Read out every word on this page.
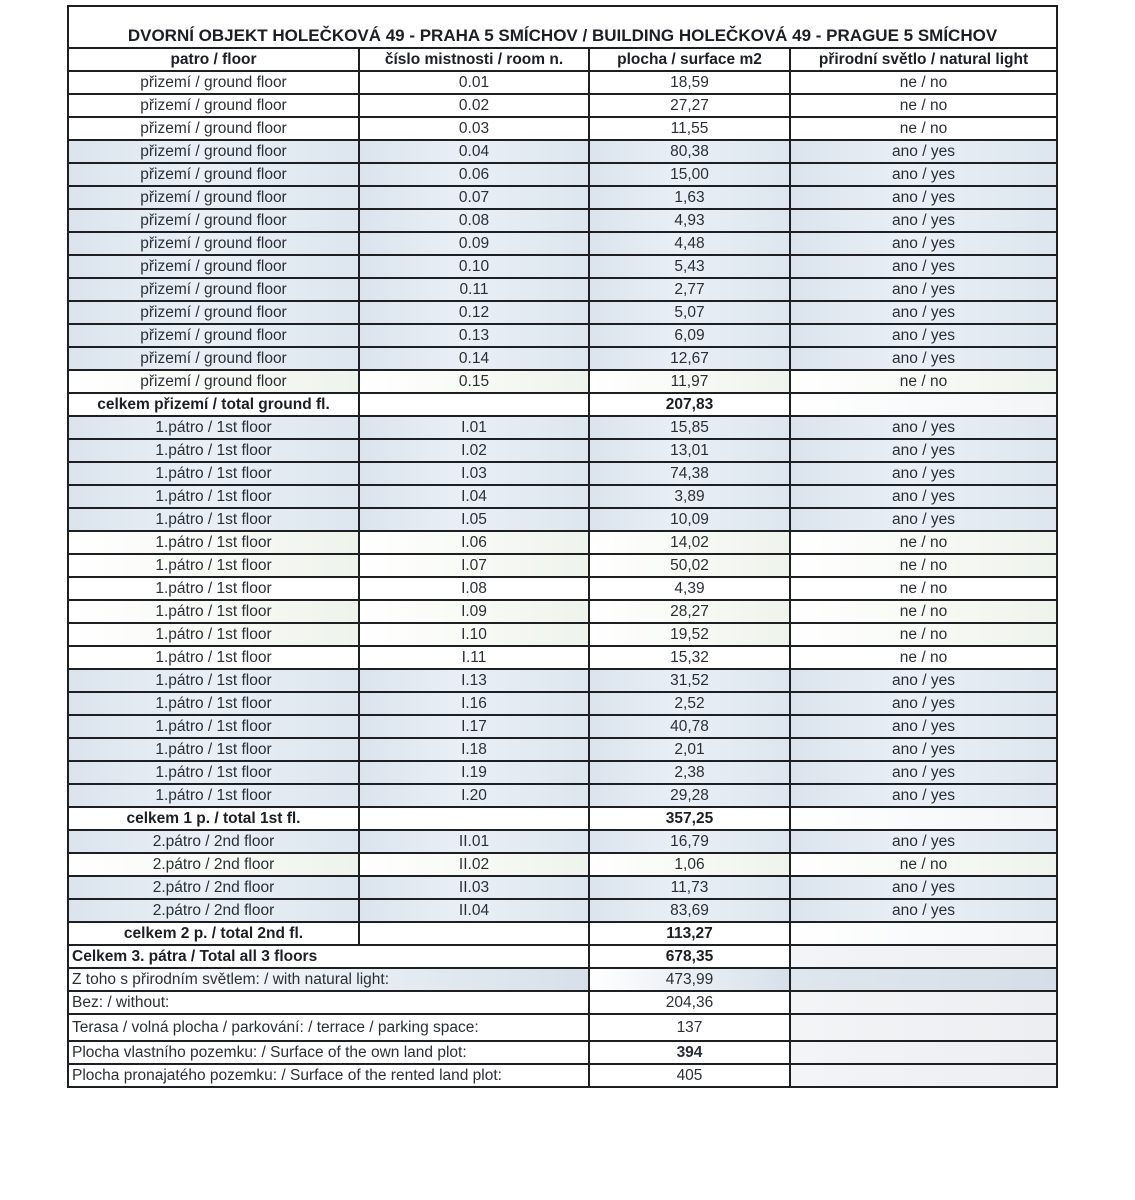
DVORNÍ OBJEKT HOLEČKOVÁ 49 - PRAHA 5 SMÍCHOV / BUILDING HOLEČKOVÁ 49 - PRAGUE 5 SMÍCHOV			
patro / floor	číslo mistnosti / room n.	plocha / surface m2	přirodní světlo / natural light
přizemí / ground floor	0.01	18,59	ne / no
přizemí / ground floor	0.02	27,27	ne / no
přizemí / ground floor	0.03	11,55	ne / no
přizemí / ground floor	0.04	80,38	ano / yes
přizemí / ground floor	0.06	15,00	ano / yes
přizemí / ground floor	0.07	1,63	ano / yes
přizemí / ground floor	0.08	4,93	ano / yes
přizemí / ground floor	0.09	4,48	ano / yes
přizemí / ground floor	0.10	5,43	ano / yes
přizemí / ground floor	0.11	2,77	ano / yes
přizemí / ground floor	0.12	5,07	ano / yes
přizemí / ground floor	0.13	6,09	ano / yes
přizemí / ground floor	0.14	12,67	ano / yes
přizemí / ground floor	0.15	11,97	ne / no
celkem přizemí / total ground fl.		207,83	
1.pátro / 1st floor	I.01	15,85	ano / yes
1.pátro / 1st floor	I.02	13,01	ano / yes
1.pátro / 1st floor	I.03	74,38	ano / yes
1.pátro / 1st floor	I.04	3,89	ano / yes
1.pátro / 1st floor	I.05	10,09	ano / yes
1.pátro / 1st floor	I.06	14,02	ne / no
1.pátro / 1st floor	I.07	50,02	ne / no
1.pátro / 1st floor	I.08	4,39	ne / no
1.pátro / 1st floor	I.09	28,27	ne / no
1.pátro / 1st floor	I.10	19,52	ne / no
1.pátro / 1st floor	I.11	15,32	ne / no
1.pátro / 1st floor	I.13	31,52	ano / yes
1.pátro / 1st floor	I.16	2,52	ano / yes
1.pátro / 1st floor	I.17	40,78	ano / yes
1.pátro / 1st floor	I.18	2,01	ano / yes
1.pátro / 1st floor	I.19	2,38	ano / yes
1.pátro / 1st floor	I.20	29,28	ano / yes
celkem 1 p. / total 1st fl.		357,25	
2.pátro / 2nd floor	II.01	16,79	ano / yes
2.pátro / 2nd floor	II.02	1,06	ne / no
2.pátro / 2nd floor	II.03	11,73	ano / yes
2.pátro / 2nd floor	II.04	83,69	ano / yes
celkem 2 p. / total 2nd fl.		113,27	
Celkem 3. pátra / Total all 3 floors		678,35	
Z toho s přirodním světlem: / with natural light:		473,99	
Bez: / without:		204,36	
Terasa / volná plocha / parkování: / terrace / parking space:		137	
Plocha vlastního pozemku: / Surface of the own land plot:		394	
Plocha pronajatého pozemku: / Surface of the rented land plot:		405	
